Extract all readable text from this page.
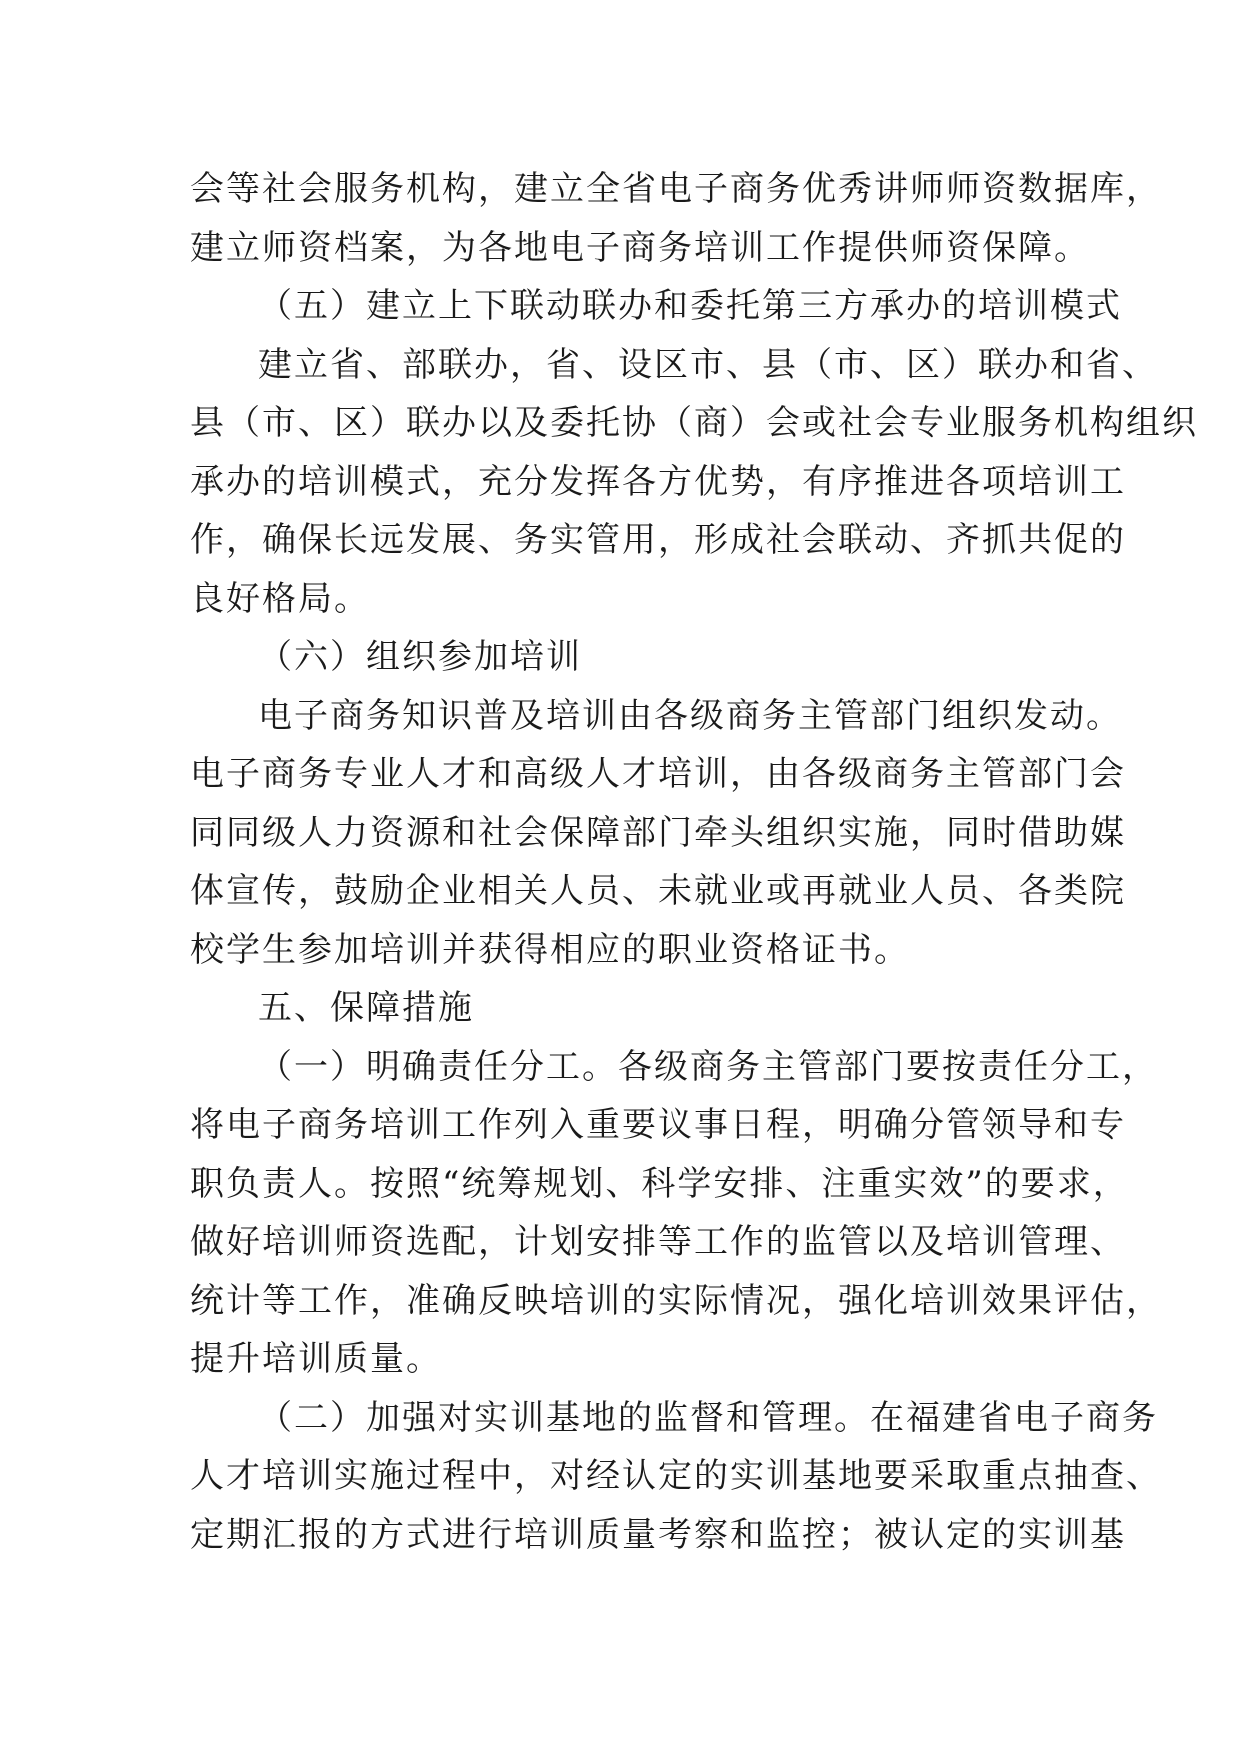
会等社会服务机构，建立全省电子商务优秀讲师师资数据库，
建立师资档案，为各地电子商务培训工作提供师资保障。
（五）建立上下联动联办和委托第三方承办的培训模式
建立省、部联办，省、设区市、县（市、区）联办和省、
县（市、区）联办以及委托协（商）会或社会专业服务机构组织
承办的培训模式，充分发挥各方优势，有序推进各项培训工
作，确保长远发展、务实管用，形成社会联动、齐抓共促的
良好格局。
（六）组织参加培训
电子商务知识普及培训由各级商务主管部门组织发动。
电子商务专业人才和高级人才培训，由各级商务主管部门会
同同级人力资源和社会保障部门牵头组织实施，同时借助媒
体宣传，鼓励企业相关人员、未就业或再就业人员、各类院
校学生参加培训并获得相应的职业资格证书。
五、保障措施
（一）明确责任分工。各级商务主管部门要按责任分工，
将电子商务培训工作列入重要议事日程，明确分管领导和专
职负责人。按照“统筹规划、科学安排、注重实效”的要求，
做好培训师资选配，计划安排等工作的监管以及培训管理、
统计等工作，准确反映培训的实际情况，强化培训效果评估，
提升培训质量。
（二）加强对实训基地的监督和管理。在福建省电子商务
人才培训实施过程中，对经认定的实训基地要采取重点抽查、
定期汇报的方式进行培训质量考察和监控；被认定的实训基
